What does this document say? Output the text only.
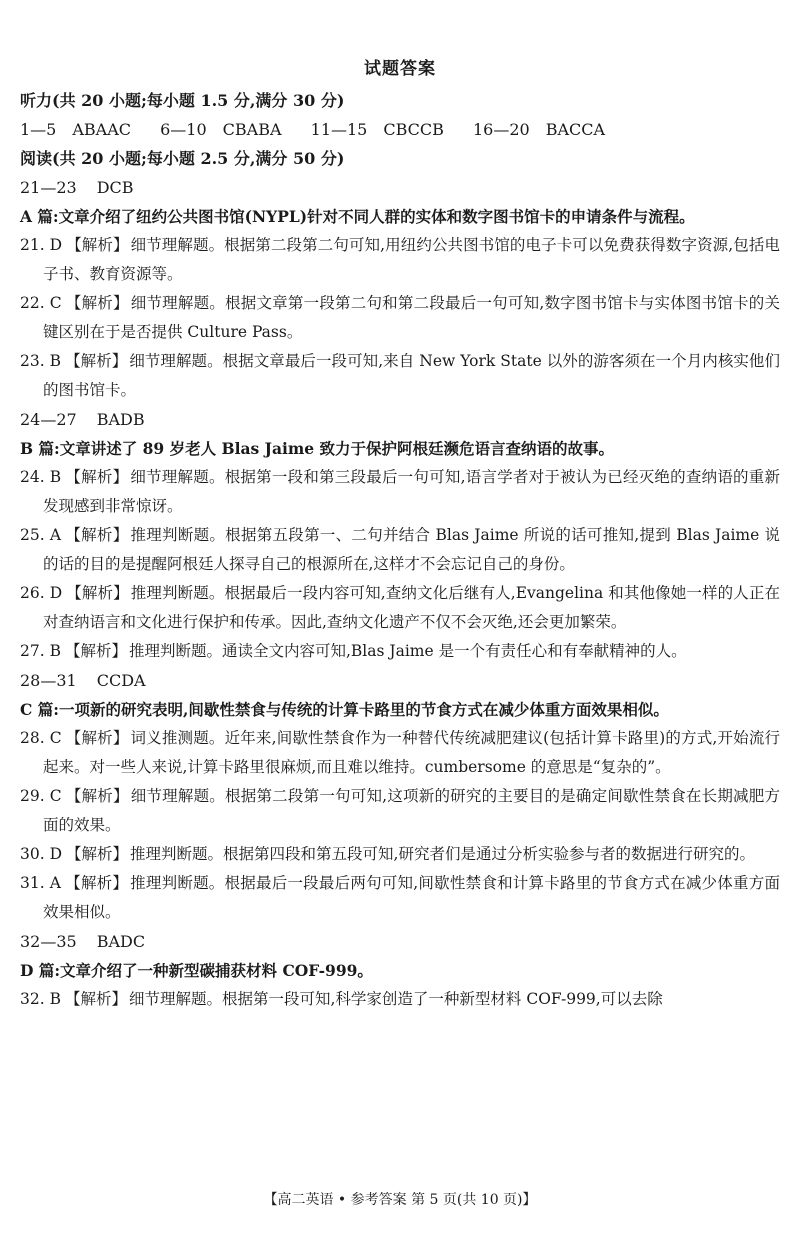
试题答案
听力(共 20 小题;每小题 1.5 分,满分 30 分)
1—5 ABAAC 6—10 CBABA 11—15 CBCCB 16—20 BACCA
阅读(共 20 小题;每小题 2.5 分,满分 50 分)
21—23 DCB
A 篇:文章介绍了纽约公共图书馆(NYPL)针对不同人群的实体和数字图书馆卡的申请条件与流程。
21. D 【解析】 细节理解题。根据第二段第二句可知,用纽约公共图书馆的电子卡可以免费获得数字资源,包括电子书、教育资源等。
22. C 【解析】 细节理解题。根据文章第一段第二句和第二段最后一句可知,数字图书馆卡与实体图书馆卡的关键区别在于是否提供 Culture Pass。
23. B 【解析】 细节理解题。根据文章最后一段可知,来自 New York State 以外的游客须在一个月内核实他们的图书馆卡。
24—27 BADB
B 篇:文章讲述了 89 岁老人 Blas Jaime 致力于保护阿根廷濒危语言查纳语的故事。
24. B 【解析】 细节理解题。根据第一段和第三段最后一句可知,语言学者对于被认为已经灭绝的查纳语的重新发现感到非常惊讶。
25. A 【解析】 推理判断题。根据第五段第一、二句并结合 Blas Jaime 所说的话可推知,提到 Blas Jaime 说的话的目的是提醒阿根廷人探寻自己的根源所在,这样才不会忘记自己的身份。
26. D 【解析】 推理判断题。根据最后一段内容可知,查纳文化后继有人,Evangelina 和其他像她一样的人正在对查纳语言和文化进行保护和传承。因此,查纳文化遗产不仅不会灭绝,还会更加繁荣。
27. B 【解析】 推理判断题。通读全文内容可知,Blas Jaime 是一个有责任心和有奉献精神的人。
28—31 CCDA
C 篇:一项新的研究表明,间歇性禁食与传统的计算卡路里的节食方式在减少体重方面效果相似。
28. C 【解析】 词义推测题。近年来,间歇性禁食作为一种替代传统减肥建议(包括计算卡路里)的方式,开始流行起来。对一些人来说,计算卡路里很麻烦,而且难以维持。cumbersome 的意思是“复杂的”。
29. C 【解析】 细节理解题。根据第二段第一句可知,这项新的研究的主要目的是确定间歇性禁食在长期减肥方面的效果。
30. D 【解析】 推理判断题。根据第四段和第五段可知,研究者们是通过分析实验参与者的数据进行研究的。
31. A 【解析】 推理判断题。根据最后一段最后两句可知,间歇性禁食和计算卡路里的节食方式在减少体重方面效果相似。
32—35 BADC
D 篇:文章介绍了一种新型碳捕获材料 COF-999。
32. B 【解析】 细节理解题。根据第一段可知,科学家创造了一种新型材料 COF-999,可以去除
【高二英语 • 参考答案 第 5 页(共 10 页)】
